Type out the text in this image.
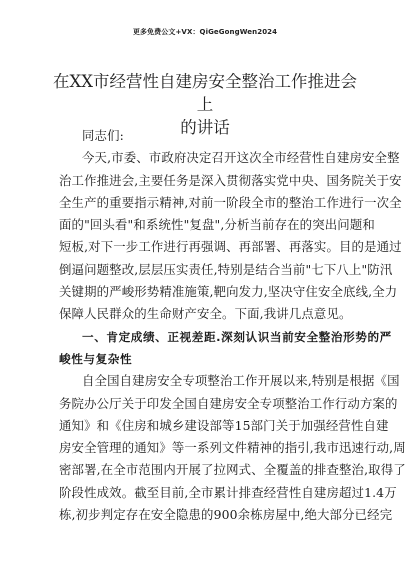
更多免费公文+VX：QiGeGongWen2024
在XX市经营性自建房安全整治工作推进会上
的讲话
同志们:
今天,市委、市政府决定召开这次全市经营性自建房安全整
治工作推进会,主要任务是深入贯彻落实党中央、国务院关于安
全生产的重要指示精神,对前一阶段全市的整治工作进行一次全
面的"回头看"和系统性"复盘",分析当前存在的突出问题和
短板,对下一步工作进行再强调、再部署、再落实。目的是通过
倒逼问题整改,层层压实责任,特别是结合当前"七下八上"防汛
关键期的严峻形势精准施策,靶向发力,坚决守住安全底线,全力
保障人民群众的生命财产安全。下面,我讲几点意见。
一、肯定成绩、正视差距.深刻认识当前安全整治形势的严
峻性与复杂性
自全国自建房安全专项整治工作开展以来,特别是根据《国
务院办公厅关于印发全国自建房安全专项整治工作行动方案的
通知》和《住房和城乡建设部等15部门关于加强经营性自建
房安全管理的通知》等一系列文件精神的指引,我市迅速行动,周
密部署,在全市范围内开展了拉网式、全覆盖的排查整治,取得了
阶段性成效。截至目前,全市累计排查经营性自建房超过1.4万
栋,初步判定存在安全隐患的900余栋房屋中,绝大部分已经完
